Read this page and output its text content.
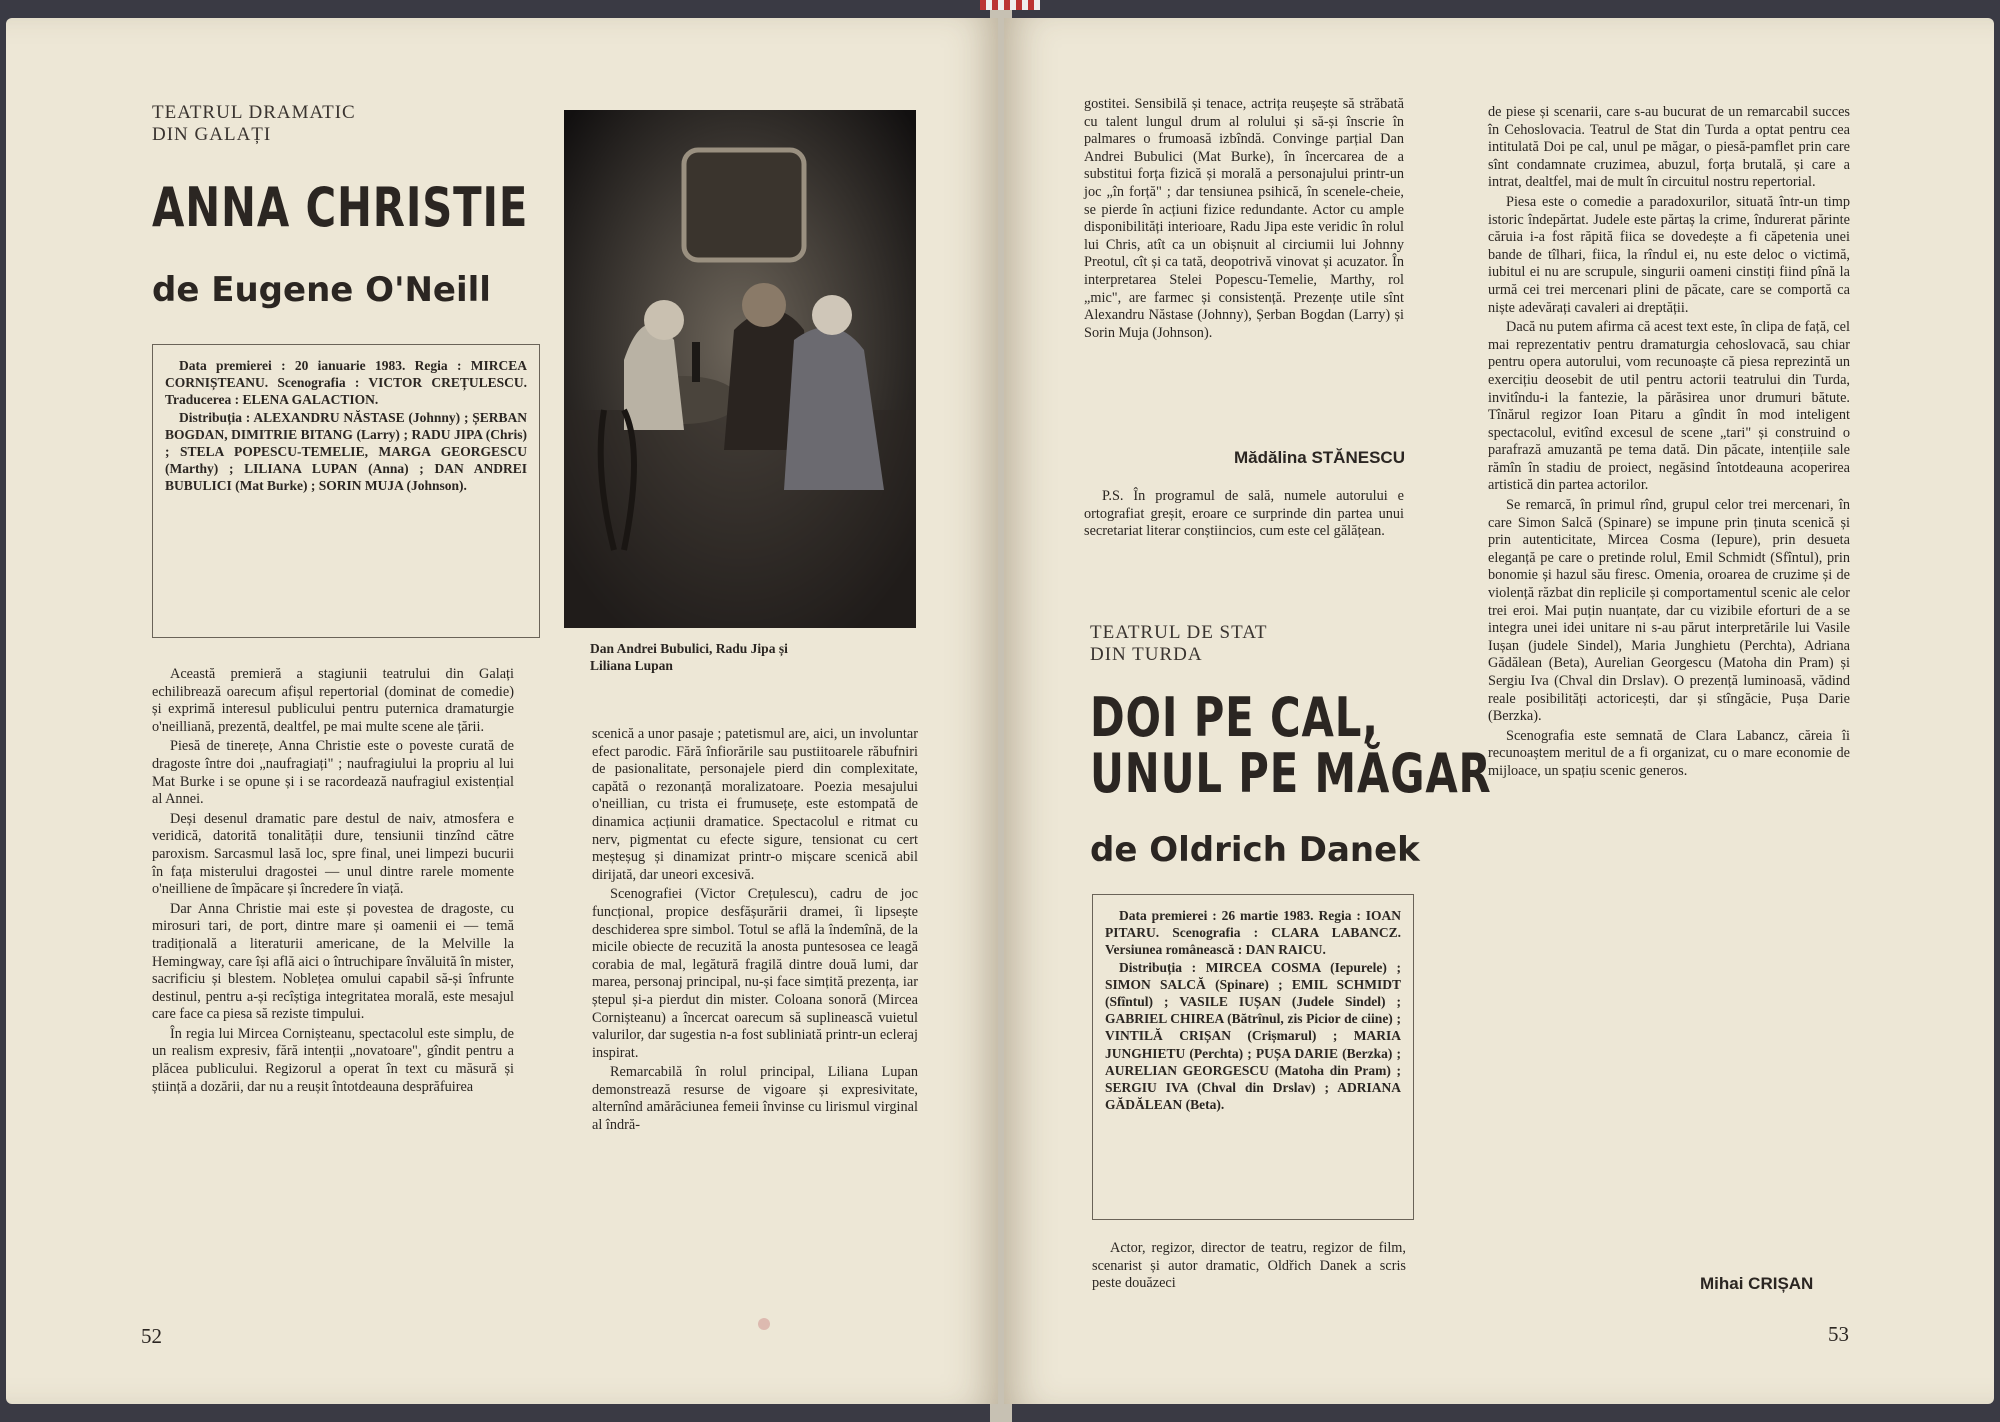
TEATRUL DRAMATIC
DIN GALAȚI
ANNA CHRISTIE
de Eugene O'Neill

Data premierei : 20 ianuarie 1983. Regia : MIRCEA CORNIȘTEANU. Scenografia : VICTOR CREȚULESCU. Traducerea : ELENA GALACTION.

Distribuția : ALEXANDRU NĂSTASE (Johnny) ; ȘERBAN BOGDAN, DIMITRIE BITANG (Larry) ; RADU JIPA (Chris) ; STELA POPESCU-TEMELIE, MARGA GEORGESCU (Marthy) ; LILIANA LUPAN (Anna) ; DAN ANDREI BUBULICI (Mat Burke) ; SORIN MUJA (Johnson).

Dan Andrei Bubulici, Radu Jipa și Liliana Lupan

Această premieră a stagiunii teatrului din Galați echilibrează oarecum afișul repertorial (dominat de comedie) și exprimă interesul publicului pentru puternica dramaturgie o'neilliană, prezentă, dealtfel, pe mai multe scene ale țării.

Piesă de tinerețe, Anna Christie este o poveste curată de dragoste între doi „naufragiați" ; naufragiului la propriu al lui Mat Burke i se opune și i se racordează naufragiul existențial al Annei.

Deși desenul dramatic pare destul de naiv, atmosfera e veridică, datorită tonalității dure, tensiunii tinzînd către paroxism. Sarcasmul lasă loc, spre final, unei limpezi bucurii în fața misterului dragostei — unul dintre rarele momente o'neilliene de împăcare și încredere în viață.

Dar Anna Christie mai este și povestea de dragoste, cu mirosuri tari, de port, dintre mare și oamenii ei — temă tradițională a literaturii americane, de la Melville la Hemingway, care își află aici o întruchipare învăluită în mister, sacrificiu și blestem. Noblețea omului capabil să-și înfrunte destinul, pentru a-și recîștiga integritatea morală, este mesajul care face ca piesa să reziste timpului.

În regia lui Mircea Cornișteanu, spectacolul este simplu, de un realism expresiv, fără intenții „novatoare", gîndit pentru a plăcea publicului. Regizorul a operat în text cu măsură și știință a dozării, dar nu a reușit întotdeauna desprăfuirea

scenică a unor pasaje ; patetismul are, aici, un involuntar efect parodic. Fără înfiorările sau pustiitoarele răbufniri de pasionalitate, personajele pierd din complexitate, capătă o rezonanță moralizatoare. Poezia mesajului o'neillian, cu trista ei frumusețe, este estompată de dinamica acțiunii dramatice. Spectacolul e ritmat cu nerv, pigmentat cu efecte sigure, tensionat cu cert meșteșug și dinamizat printr-o mișcare scenică abil dirijată, dar uneori excesivă.

Scenografiei (Victor Crețulescu), cadru de joc funcțional, propice desfășurării dramei, îi lipsește deschiderea spre simbol. Totul se află la îndemînă, de la micile obiecte de recuzită la anosta puntesosea ce leagă corabia de mal, legătură fragilă dintre două lumi, dar marea, personaj principal, nu-și face simțită prezența, iar ștepul și-a pierdut din mister. Coloana sonoră (Mircea Cornișteanu) a încercat oarecum să suplinească vuietul valurilor, dar sugestia n-a fost subliniată printr-un ecleraj inspirat.

Remarcabilă în rolul principal, Liliana Lupan demonstrează resurse de vigoare și expresivitate, alternînd amărăciunea femeii învinse cu lirismul virginal al îndră-

52

gostitei. Sensibilă și tenace, actrița reușește să străbată cu talent lungul drum al rolului și să-și înscrie în palmares o frumoasă izbîndă. Convinge parțial Dan Andrei Bubulici (Mat Burke), în încercarea de a substitui forța fizică și morală a personajului printr-un joc „în forță" ; dar tensiunea psihică, în scenele-cheie, se pierde în acțiuni fizice redundante. Actor cu ample disponibilități interioare, Radu Jipa este veridic în rolul lui Chris, atît ca un obișnuit al circiumii lui Johnny Preotul, cît și ca tată, deopotrivă vinovat și acuzator. În interpretarea Stelei Popescu-Temelie, Marthy, rol „mic", are farmec și consistență. Prezențe utile sînt Alexandru Năstase (Johnny), Șerban Bogdan (Larry) și Sorin Muja (Johnson).

Mădălina STĂNESCU

P.S. În programul de sală, numele autorului e ortografiat greșit, eroare ce surprinde din partea unui secretariat literar conștiincios, cum este cel gălățean.

TEATRUL DE STAT
DIN TURDA
DOI PE CAL,
UNUL PE MĂGAR
de Oldrich Danek

Data premierei : 26 martie 1983. Regia : IOAN PITARU. Scenografia : CLARA LABANCZ. Versiunea românească : DAN RAICU.

Distribuția : MIRCEA COSMA (Iepurele) ; SIMON SALCĂ (Spinare) ; EMIL SCHMIDT (Sfîntul) ; VASILE IUȘAN (Judele Sindel) ; GABRIEL CHIREA (Bătrînul, zis Picior de ciine) ; VINTILĂ CRIȘAN (Crișmarul) ; MARIA JUNGHIETU (Perchta) ; PUȘA DARIE (Berzka) ; AURELIAN GEORGESCU (Matoha din Pram) ; SERGIU IVA (Chval din Drslav) ; ADRIANA GĂDĂLEAN (Beta).

Actor, regizor, director de teatru, regizor de film, scenarist și autor dramatic, Oldřich Danek a scris peste douăzeci

de piese și scenarii, care s-au bucurat de un remarcabil succes în Cehoslovacia. Teatrul de Stat din Turda a optat pentru cea intitulată Doi pe cal, unul pe măgar, o piesă-pamflet prin care sînt condamnate cruzimea, abuzul, forța brutală, și care a intrat, dealtfel, mai de mult în circuitul nostru repertorial.

Piesa este o comedie a paradoxurilor, situată într-un timp istoric îndepărtat. Judele este părtaș la crime, îndurerat părinte căruia i-a fost răpită fiica se dovedește a fi căpetenia unei bande de tîlhari, fiica, la rîndul ei, nu este deloc o victimă, iubitul ei nu are scrupule, singurii oameni cinstiți fiind pînă la urmă cei trei mercenari plini de păcate, care se comportă ca niște adevărați cavaleri ai dreptății.

Dacă nu putem afirma că acest text este, în clipa de față, cel mai reprezentativ pentru dramaturgia cehoslovacă, sau chiar pentru opera autorului, vom recunoaște că piesa reprezintă un exercițiu deosebit de util pentru actorii teatrului din Turda, invitîndu-i la fantezie, la părăsirea unor drumuri bătute. Tînărul regizor Ioan Pitaru a gîndit în mod inteligent spectacolul, evitînd excesul de scene „tari" și construind o parafrază amuzantă pe tema dată. Din păcate, intențiile sale rămîn în stadiu de proiect, negăsind întotdeauna acoperirea artistică din partea actorilor.

Se remarcă, în primul rînd, grupul celor trei mercenari, în care Simon Salcă (Spinare) se impune prin ținuta scenică și prin autenticitate, Mircea Cosma (Iepure), prin desueta eleganță pe care o pretinde rolul, Emil Schmidt (Sfîntul), prin bonomie și hazul său firesc. Omenia, oroarea de cruzime și de violență răzbat din replicile și comportamentul scenic ale celor trei eroi. Mai puțin nuanțate, dar cu vizibile eforturi de a se integra unei idei unitare ni s-au părut interpretările lui Vasile Iușan (judele Sindel), Maria Junghietu (Perchta), Adriana Gădălean (Beta), Aurelian Georgescu (Matoha din Pram) și Sergiu Iva (Chval din Drslav). O prezență luminoasă, vădind reale posibilități actoricești, dar și stîngăcie, Pușa Darie (Berzka).

Scenografia este semnată de Clara Labancz, căreia îi recunoaștem meritul de a fi organizat, cu o mare economie de mijloace, un spațiu scenic generos.

Mihai CRIȘAN
53
